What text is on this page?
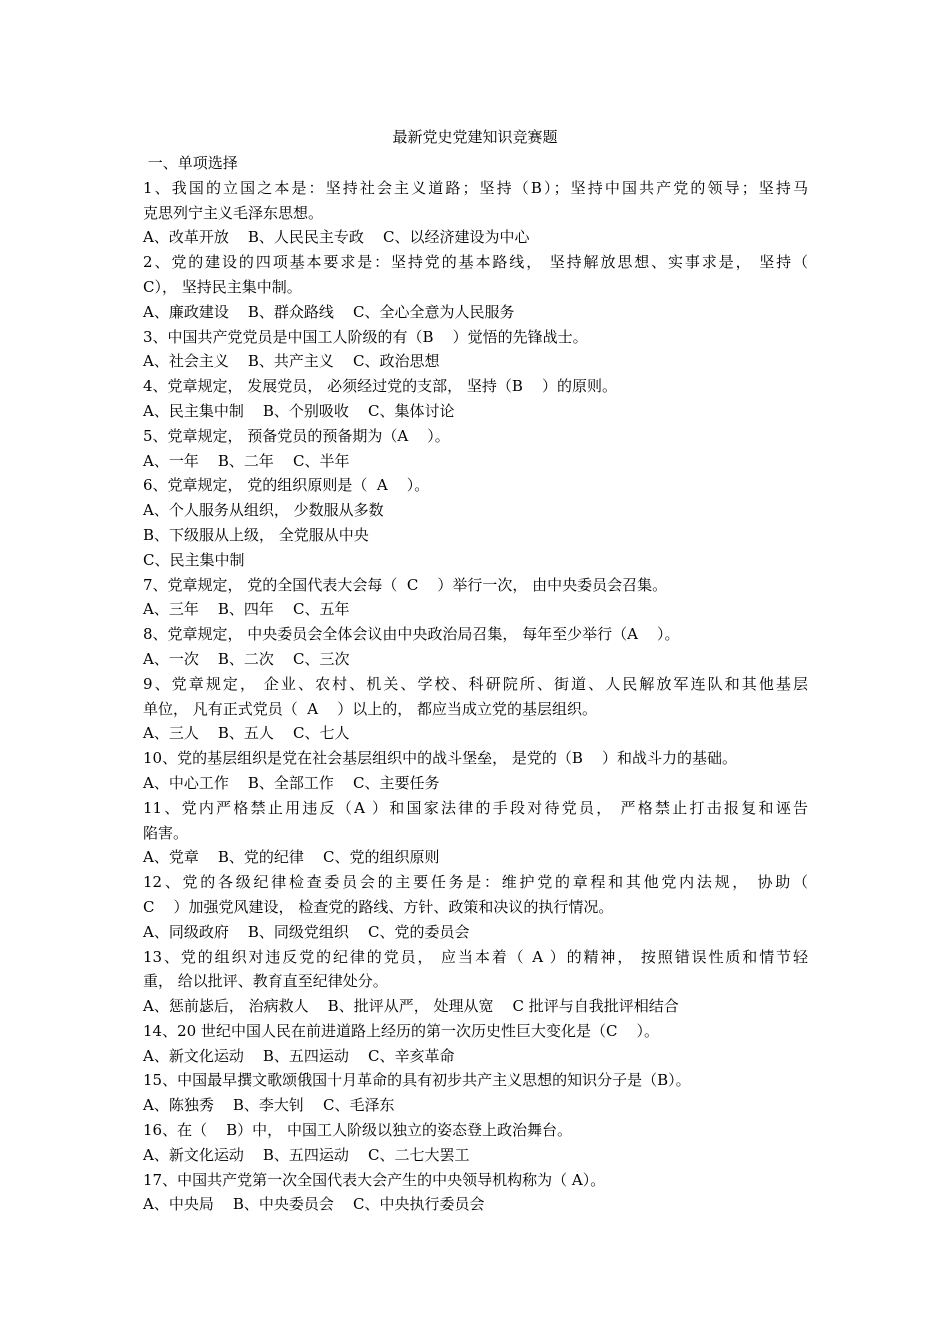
最新党史党建知识竞赛题
一、单项选择
1、我国的立国之本是：坚持社会主义道路；坚持（B）；坚持中国共产党的领导；坚持马
克思列宁主义毛泽东思想。
A、改革开放    B、人民民主专政    C、以经济建设为中心
2、党的建设的四项基本要求是：坚持党的基本路线， 坚持解放思想、实事求是， 坚持（
C）， 坚持民主集中制。
A、廉政建设    B、群众路线    C、全心全意为人民服务
3、中国共产党党员是中国工人阶级的有（B    ）觉悟的先锋战士。
A、社会主义    B、共产主义    C、政治思想
4、党章规定， 发展党员， 必须经过党的支部， 坚持（B    ）的原则。
A、民主集中制    B、个别吸收    C、集体讨论
5、党章规定， 预备党员的预备期为（A    ）。
A、一年    B、二年    C、半年
6、党章规定， 党的组织原则是（  A    ）。
A、个人服务从组织， 少数服从多数
B、下级服从上级， 全党服从中央
C、民主集中制
7、党章规定， 党的全国代表大会每（  C    ）举行一次， 由中央委员会召集。
A、三年    B、四年    C、五年
8、党章规定， 中央委员会全体会议由中央政治局召集， 每年至少举行（A    ）。
A、一次    B、二次    C、三次
9、党章规定， 企业、农村、机关、学校、科研院所、街道、人民解放军连队和其他基层
单位， 凡有正式党员（  A    ）以上的， 都应当成立党的基层组织。
A、三人    B、五人    C、七人
10、党的基层组织是党在社会基层组织中的战斗堡垒， 是党的（B    ）和战斗力的基础。
A、中心工作    B、全部工作    C、主要任务
11、党内严格禁止用违反（A ）和国家法律的手段对待党员， 严格禁止打击报复和诬告
陷害。
A、党章    B、党的纪律    C、党的组织原则
12、党的各级纪律检查委员会的主要任务是：维护党的章程和其他党内法规， 协助（
C    ）加强党风建设， 检查党的路线、方针、政策和决议的执行情况。
A、同级政府    B、同级党组织    C、党的委员会
13、党的组织对违反党的纪律的党员， 应当本着（ A ）的精神， 按照错误性质和情节轻
重， 给以批评、教育直至纪律处分。
A、惩前毖后， 治病救人    B、批评从严， 处理从宽    C 批评与自我批评相结合
14、20 世纪中国人民在前进道路上经历的第一次历史性巨大变化是（C    ）。
A、新文化运动    B、五四运动    C、辛亥革命
15、中国最早撰文歌颂俄国十月革命的具有初步共产主义思想的知识分子是（B）。
A、陈独秀    B、李大钊    C、毛泽东
16、在（    B）中， 中国工人阶级以独立的姿态登上政治舞台。
A、新文化运动    B、五四运动    C、二七大罢工
17、中国共产党第一次全国代表大会产生的中央领导机构称为（ A）。
A、中央局    B、中央委员会    C、中央执行委员会
